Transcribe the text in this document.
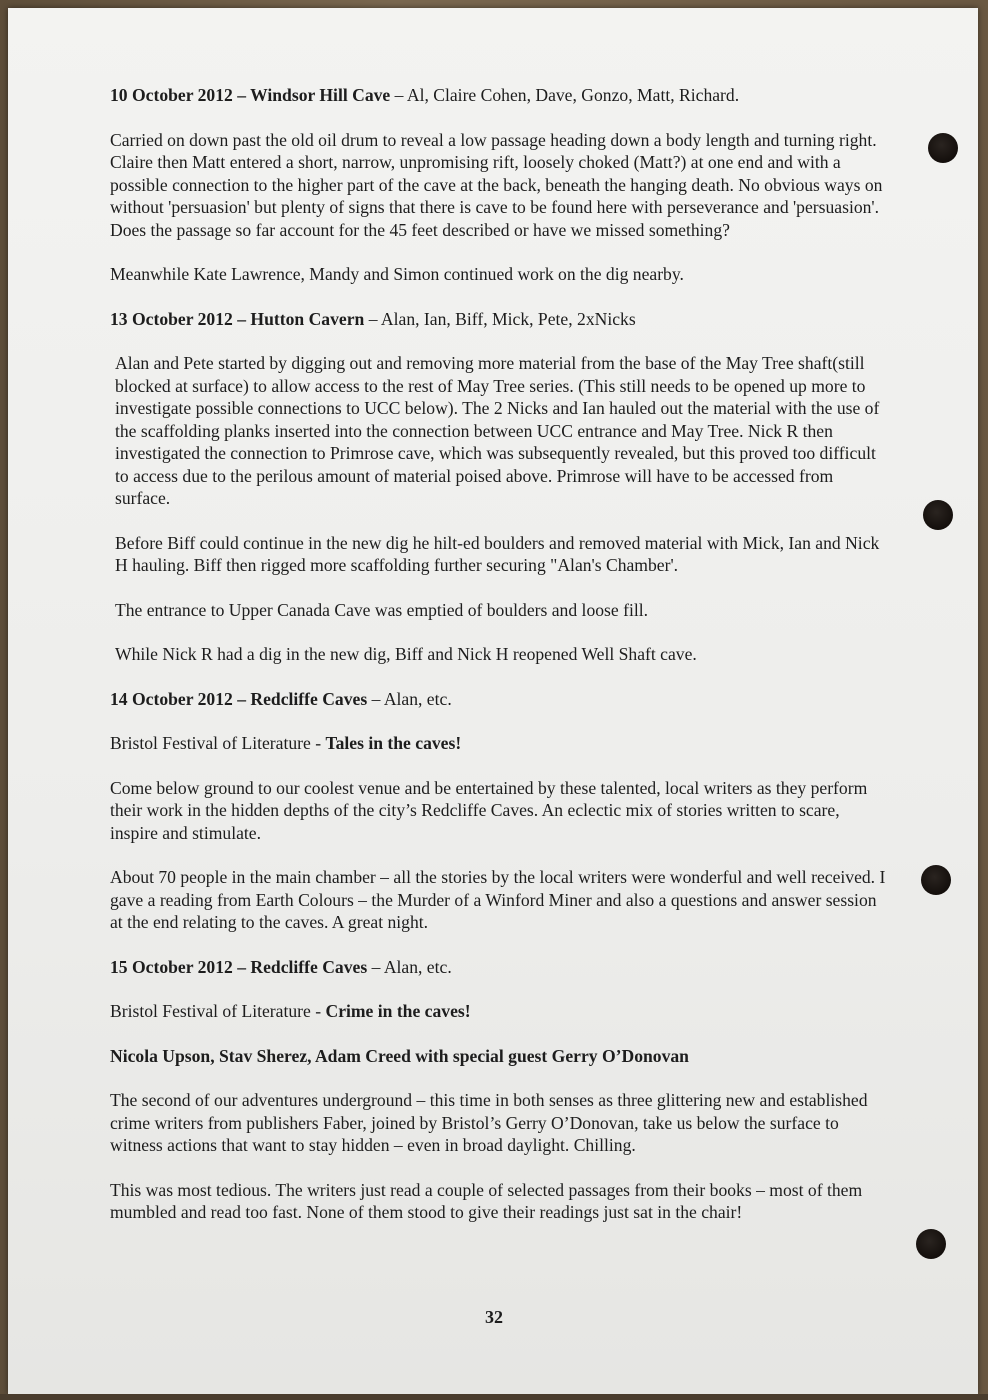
10 October 2012 – Windsor Hill Cave – Al, Claire Cohen, Dave, Gonzo, Matt, Richard.

Carried on down past the old oil drum to reveal a low passage heading down a body length and turning right. Claire then Matt entered a short, narrow, unpromising rift, loosely choked (Matt?) at one end and with a possible connection to the higher part of the cave at the back, beneath the hanging death. No obvious ways on without 'persuasion' but plenty of signs that there is cave to be found here with perseverance and 'persuasion'. Does the passage so far account for the 45 feet described or have we missed something?

Meanwhile Kate Lawrence, Mandy and Simon continued work on the dig nearby.

13 October 2012 – Hutton Cavern – Alan, Ian, Biff, Mick, Pete, 2xNicks

Alan and Pete started by digging out and removing more material from the base of the May Tree shaft(still blocked at surface) to allow access to the rest of May Tree series. (This still needs to be opened up more to investigate possible connections to UCC below). The 2 Nicks and Ian hauled out the material with the use of the scaffolding planks inserted into the connection between UCC entrance and May Tree. Nick R then investigated the connection to Primrose cave, which was subsequently revealed, but this proved too difficult to access due to the perilous amount of material poised above. Primrose will have to be accessed from surface.

Before Biff could continue in the new dig he hilt-ed boulders and removed material with Mick, Ian and Nick H hauling. Biff then rigged more scaffolding further securing "Alan's Chamber'.

The entrance to Upper Canada Cave was emptied of boulders and loose fill.

While Nick R had a dig in the new dig, Biff and Nick H reopened Well Shaft cave.

14 October 2012 – Redcliffe Caves – Alan, etc.

Bristol Festival of Literature - Tales in the caves!

Come below ground to our coolest venue and be entertained by these talented, local writers as they perform their work in the hidden depths of the city’s Redcliffe Caves. An eclectic mix of stories written to scare, inspire and stimulate.

About 70 people in the main chamber – all the stories by the local writers were wonderful and well received. I gave a reading from Earth Colours – the Murder of a Winford Miner and also a questions and answer session at the end relating to the caves. A great night.

15 October 2012 – Redcliffe Caves – Alan, etc.

Bristol Festival of Literature - Crime in the caves!

Nicola Upson, Stav Sherez, Adam Creed with special guest Gerry O’Donovan

The second of our adventures underground – this time in both senses as three glittering new and established crime writers from publishers Faber, joined by Bristol’s Gerry O’Donovan, take us below the surface to witness actions that want to stay hidden – even in broad daylight. Chilling.

This was most tedious. The writers just read a couple of selected passages from their books – most of them mumbled and read too fast. None of them stood to give their readings just sat in the chair!

32
